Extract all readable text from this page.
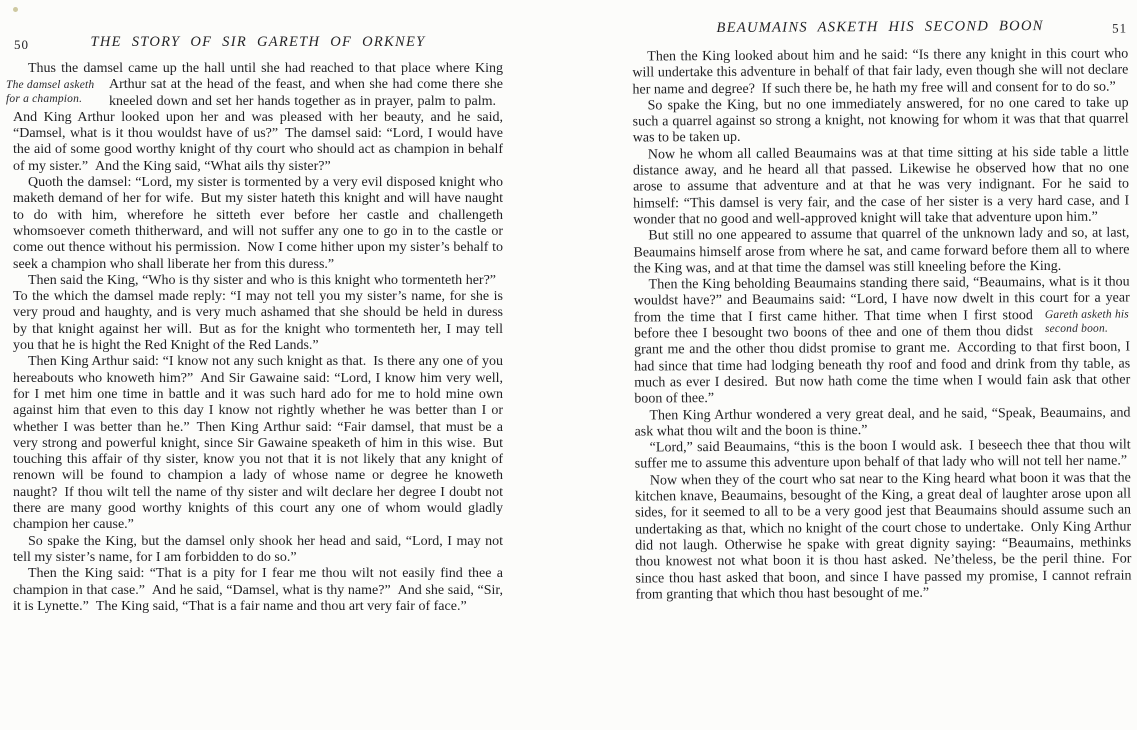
50	THE STORY OF SIR GARETH OF ORKNEY

Thus the damsel came up the hall until she had reached to that place where King Arthur sat at the head of the feast, and when she had come
The damsel asketh for a champion.
there she kneeled down and set her hands together as in prayer, palm to palm. And King Arthur looked upon her and was pleased with her beauty, and he said, “Damsel, what is it thou wouldst have of us?” The damsel said: “Lord, I would have the aid of some good worthy knight of thy court who should act as champion in behalf of my sister.” And the King said, “What ails thy sister?”

Quoth the damsel: “Lord, my sister is tormented by a very evil disposed knight who maketh demand of her for wife. But my sister hateth this knight and will have naught to do with him, wherefore he sitteth ever before her castle and challengeth whomsoever cometh thitherward, and will not suffer any one to go in to the castle or come out thence without his permission. Now I come hither upon my sister’s behalf to seek a champion who shall liberate her from this duress.”

Then said the King, “Who is thy sister and who is this knight who tormenteth her?” To the which the damsel made reply: “I may not tell you my sister’s name, for she is very proud and haughty, and is very much ashamed that she should be held in duress by that knight against her will. But as for the knight who tormenteth her, I may tell you that he is hight the Red Knight of the Red Lands.”

Then King Arthur said: “I know not any such knight as that. Is there any one of you hereabouts who knoweth him?” And Sir Gawaine said: “Lord, I know him very well, for I met him one time in battle and it was such hard ado for me to hold mine own against him that even to this day I know not rightly whether he was better than I or whether I was better than he.” Then King Arthur said: “Fair damsel, that must be a very strong and powerful knight, since Sir Gawaine speaketh of him in this wise. But touching this affair of thy sister, know you not that it is not likely that any knight of renown will be found to champion a lady of whose name or degree he knoweth naught? If thou wilt tell the name of thy sister and wilt declare her degree I doubt not there are many good worthy knights of this court any one of whom would gladly champion her cause.”

So spake the King, but the damsel only shook her head and said, “Lord, I may not tell my sister’s name, for I am forbidden to do so.”

Then the King said: “That is a pity for I fear me thou wilt not easily find thee a champion in that case.” And he said, “Damsel, what is thy name?” And she said, “Sir, it is Lynette.” The King said, “That is a fair name and thou art very fair of face.”

BEAUMAINS ASKETH HIS SECOND BOON	51

Then the King looked about him and he said: “Is there any knight in this court who will undertake this adventure in behalf of that fair lady, even though she will not declare her name and degree? If such there be, he hath my free will and consent for to do so.”

So spake the King, but no one immediately answered, for no one cared to take up such a quarrel against so strong a knight, not knowing for whom it was that that quarrel was to be taken up.

Now he whom all called Beaumains was at that time sitting at his side table a little distance away, and he heard all that passed. Likewise he observed how that no one arose to assume that adventure and at that he was very indignant. For he said to himself: “This damsel is very fair, and the case of her sister is a very hard case, and I wonder that no good and well-approved knight will take that adventure upon him.”

But still no one appeared to assume that quarrel of the unknown lady and so, at last, Beaumains himself arose from where he sat, and came forward before them all to where the King was, and at that time the damsel was still kneeling before the King.

Then the King beholding Beaumains standing there said, “Beaumains, what is it thou wouldst have?” and Beaumains said: “Lord, I have now dwelt in this court for a year from the time that I first came hither.	Gareth asketh his second boon.
That time when I first stood before thee I besought two boons of thee and one of them thou didst grant me and the other thou didst promise to grant me. According to that first boon, I had since that time had lodging beneath thy roof and food and drink from thy table, as much as ever I desired. But now hath come the time when I would fain ask that other boon of thee.”

Then King Arthur wondered a very great deal, and he said, “Speak, Beaumains, and ask what thou wilt and the boon is thine.”

“Lord,” said Beaumains, “this is the boon I would ask. I beseech thee that thou wilt suffer me to assume this adventure upon behalf of that lady who will not tell her name.”

Now when they of the court who sat near to the King heard what boon it was that the kitchen knave, Beaumains, besought of the King, a great deal of laughter arose upon all sides, for it seemed to all to be a very good jest that Beaumains should assume such an undertaking as that, which no knight of the court chose to undertake. Only King Arthur did not laugh. Otherwise he spake with great dignity saying: “Beaumains, methinks thou knowest not what boon it is thou hast asked. Ne’theless, be the peril thine. For since thou hast asked that boon, and since I have passed my promise, I cannot refrain from granting that which thou hast besought of me.”
